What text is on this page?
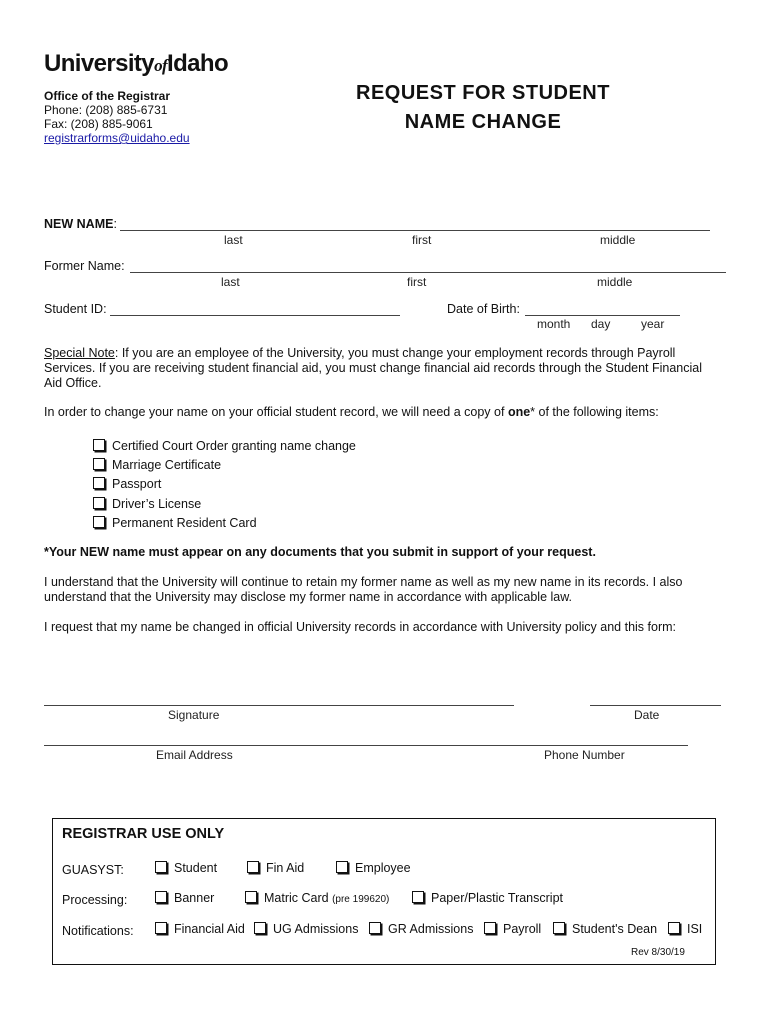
UniversityofIdaho
Office of the Registrar
Phone: (208) 885-6731
Fax: (208) 885-9061
registrarforms@uidaho.edu
REQUEST FOR STUDENT
NAME CHANGE
NEW NAME:
last	first	middle
Former Name:
last	first	middle
Student ID:	Date of Birth:
month day	year
Special Note: If you are an employee of the University, you must change your employment records through Payroll Services. If you are receiving student financial aid, you must change financial aid records through the Student Financial Aid Office.
In order to change your name on your official student record, we will need a copy of one* of the following items:
Certified Court Order granting name change
Marriage Certificate
Passport
Driver’s License
Permanent Resident Card
*Your NEW name must appear on any documents that you submit in support of your request.
I understand that the University will continue to retain my former name as well as my new name in its records. I also understand that the University may disclose my former name in accordance with applicable law.
I request that my name be changed in official University records in accordance with University policy and this form:
Signature	Date
Email Address	Phone Number
REGISTRAR USE ONLY
GUASYST:	Student	Fin Aid	Employee
Processing:	Banner	Matric Card (pre 199620)	Paper/Plastic Transcript
Notifications:	Financial Aid	UG Admissions	GR Admissions	Payroll	Student's Dean	ISI
Rev 8/30/19
